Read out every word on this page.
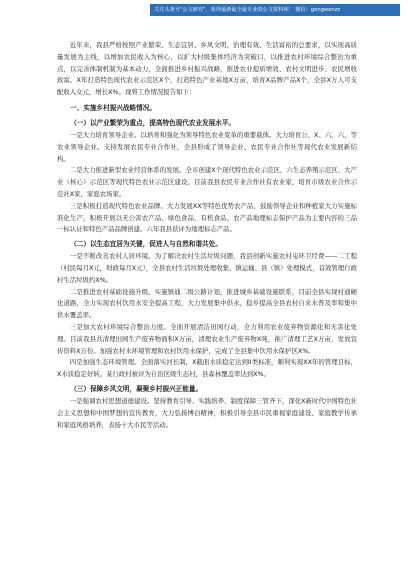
关注头条号"公文研究"，获得最新最全最专业的公文资料库！ 微信：gongwenzz

近年来，我县严格按照产业繁荣、生态宜居、乡风文明、治理有效、生活富裕的总要求，以实现高质量发展为主线，以增加农民收入为核心，以扩大村级集体经济为突破口，以推进农村环境综合整治为重点，以完善体制机制为基本动力，全面推进乡村振兴战略，推进农业提质增效、农村文明进步、农民增收致富。X年打造特色现代农业示范区X个，打造特色产业基地X万亩，培育X品牌产品X个，全县X万人可支配收入女元，增长X%。现将工作情况报告如下：

一、实施乡村振兴战略情况。
（一）以产业繁荣为重点，提高特色现代农业发展水平。

一是大力培育领导企业。以培育和强化为领导特色农业变革的重要载体。大力培育公、X、六、六、等农业领导企业。支持发展农民专业合作社，全县形成了领导企业、农民专业合作社等现代农业发展新结构。

二是大力推进新型农业经营体系的发展。全市创建X个现代特色农业示范区，六生态养殖示范区、大产业（核心）示范区等现代特色农业示范区建设。目前我县农民专业合作社有农业家，培育市级农业合作示范社X家，家庭农场家。

三是积极打造现代特色农业品牌。大力发展XX等特色优势农产品，鼓励领导企业和种植家大力实施标准化生产，积极开展以无公害农产品、绿色食品、有机食品、农产品地理标志保护产品为主要内容的三品一标认证和特色产品品牌创建。六年我县获评为地理标志产品。

（二）以生态宜居为关键，促进人与自然和谐共处。

一是不断改善农村人居环境。为了解决农村生活垃圾问题，我县创新实施农村屯环卫经费——二工程（村民每月X元，财政每月X元），全县农村生活垃圾处理收集、镇运输、县（镇）处理模式，首效管理行政村生活垃圾约X%。

二是推进农村基础设施升级。实施镇通二级公路计划，推进城乡基础设施联系，目前全县实现村通硬化道路，全力实现农村饮用水安全提高工程，大力发展集中供水，稳步提高全县农村自来水普及率和集中供水覆盖率。

三是加大农村环境综合整治力度。全面开展清洁田园行动，全力利用农业废弃物资源化和无害化处理。目前我县共清理田园生产废弃物面积X万亩，清理农业生产废弃物X吨，推广清理工艺X万亩，发放宣传资料X万份。加强农村水环境管理和农村饮用水保护，完成了全县集中饮用水保护区X%。

四是加强生态环境管理。全面落实河长制，X截面水质稳定达到II类标准，顺利实现XX年的管理目标，X水质稳定好转。某行政村被评为自治区级生态村，县森林覆盖率达到X%。

（三）保障乡风文明，凝聚乡村振兴正能量。

一是强调农村思想道德建设。坚持教育引导、实践培养、制度保障三管齐下，深化X新时代中国特色社会主义思想和中国梦想的宣传教育，大力弘扬博白精神，积极引导全县市民重视家庭建设、家庭教学传承和家庭风格培养，表扬十大市民等活动。
